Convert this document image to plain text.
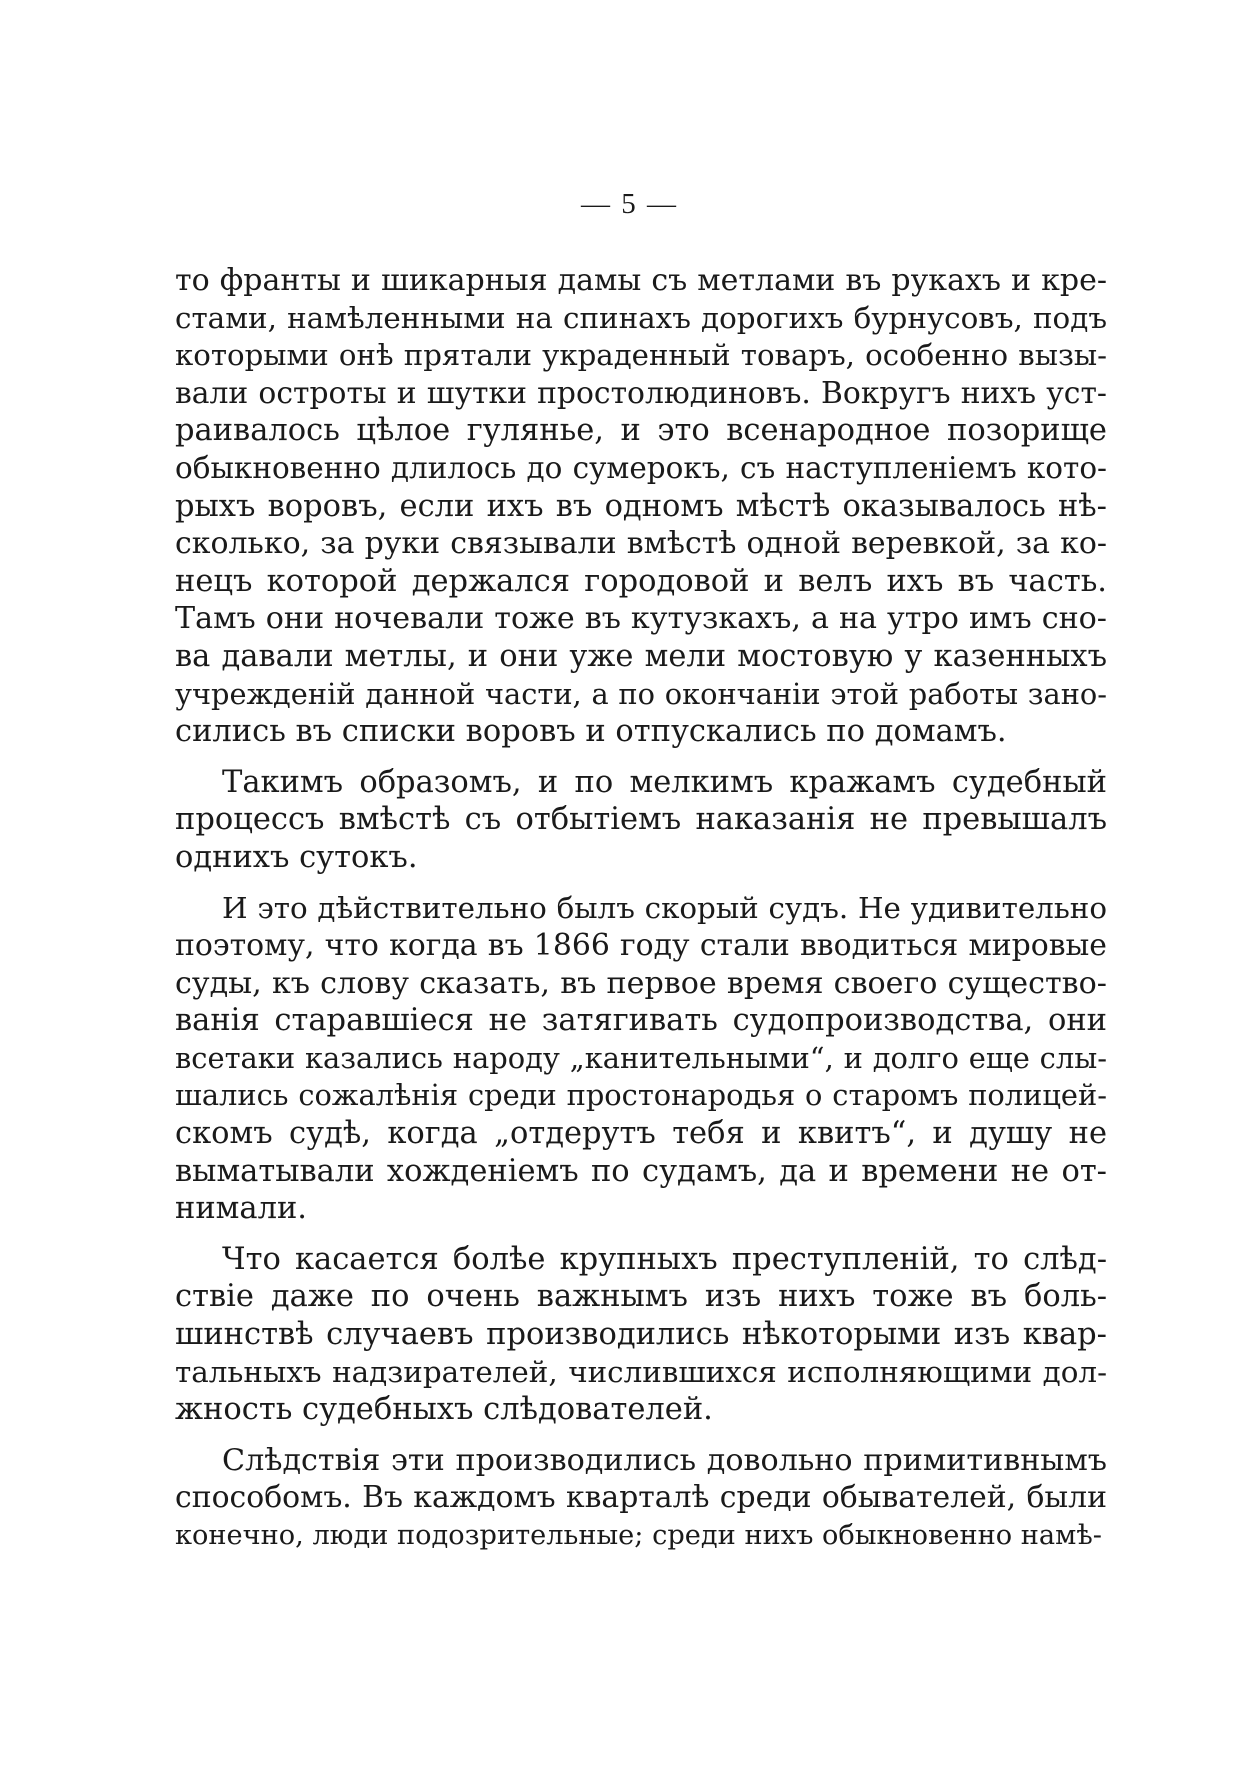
— 5 —
то франты и шикарныя дамы съ метлами въ рукахъ и кре-
стами, намѣленными на спинахъ дорогихъ бурнусовъ, подъ
которыми онѣ прятали украденный товаръ, особенно вызы-
вали остроты и шутки простолюдиновъ. Вокругъ нихъ уст-
раивалось цѣлое гулянье, и это всенародное позорище
обыкновенно длилось до сумерокъ, съ наступленіемъ кото-
рыхъ воровъ, если ихъ въ одномъ мѣстѣ оказывалось нѣ-
сколько, за руки связывали вмѣстѣ одной веревкой, за ко-
нецъ которой держался городовой и велъ ихъ въ часть.
Тамъ они ночевали тоже въ кутузкахъ, а на утро имъ сно-
ва давали метлы, и они уже мели мостовую у казенныхъ
учрежденій данной части, а по окончаніи этой работы зано-
сились въ списки воровъ и отпускались по домамъ.
Такимъ образомъ, и по мелкимъ кражамъ судебный
процессъ вмѣстѣ съ отбытіемъ наказанія не превышалъ
однихъ сутокъ.
И это дѣйствительно былъ скорый судъ. Не удивительно
поэтому, что когда въ 1866 году стали вводиться мировые
суды, къ слову сказать, въ первое время своего существо-
ванія старавшiеся не затягивать судопроизводства, они
всетаки казались народу „канительными“, и долго еще слы-
шались сожалѣнія среди простонародья о старомъ полицей-
скомъ судѣ, когда „отдерутъ тебя и квитъ“, и душу не
выматывали хожденіемъ по судамъ, да и времени не от-
нимали.
Что касается болѣе крупныхъ преступленій, то слѣд-
ствіе даже по очень важнымъ изъ нихъ тоже въ боль-
шинствѣ случаевъ производились нѣкоторыми изъ квар-
тальныхъ надзирателей, числившихся исполняющими дол-
жность судебныхъ слѣдователей.
Слѣдствія эти производились довольно примитивнымъ
способомъ. Въ каждомъ кварталѣ среди обывателей, были
конечно, люди подозрительные; среди нихъ обыкновенно намѣ-
